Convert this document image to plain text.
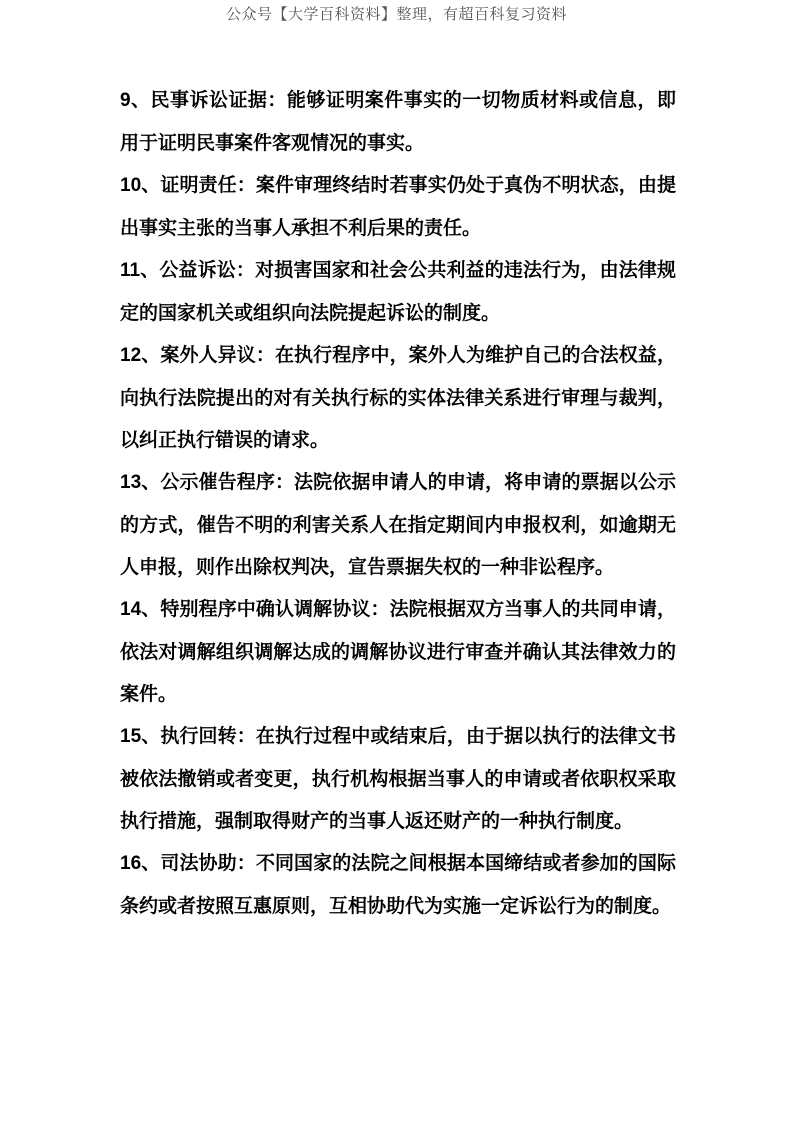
公众号【大学百科资料】整理，有超百科复习资料

9、民事诉讼证据：能够证明案件事实的一切物质材料或信息，即用于证明民事案件客观情况的事实。

10、证明责任：案件审理终结时若事实仍处于真伪不明状态，由提出事实主张的当事人承担不利后果的责任。

11、公益诉讼：对损害国家和社会公共利益的违法行为，由法律规定的国家机关或组织向法院提起诉讼的制度。

12、案外人异议：在执行程序中，案外人为维护自己的合法权益，向执行法院提出的对有关执行标的实体法律关系进行审理与裁判，以纠正执行错误的请求。

13、公示催告程序：法院依据申请人的申请，将申请的票据以公示的方式，催告不明的利害关系人在指定期间内申报权利，如逾期无人申报，则作出除权判决，宣告票据失权的一种非讼程序。

14、特别程序中确认调解协议：法院根据双方当事人的共同申请，依法对调解组织调解达成的调解协议进行审查并确认其法律效力的案件。

15、执行回转：在执行过程中或结束后，由于据以执行的法律文书被依法撤销或者变更，执行机构根据当事人的申请或者依职权采取执行措施，强制取得财产的当事人返还财产的一种执行制度。

16、司法协助：不同国家的法院之间根据本国缔结或者参加的国际条约或者按照互惠原则，互相协助代为实施一定诉讼行为的制度。
